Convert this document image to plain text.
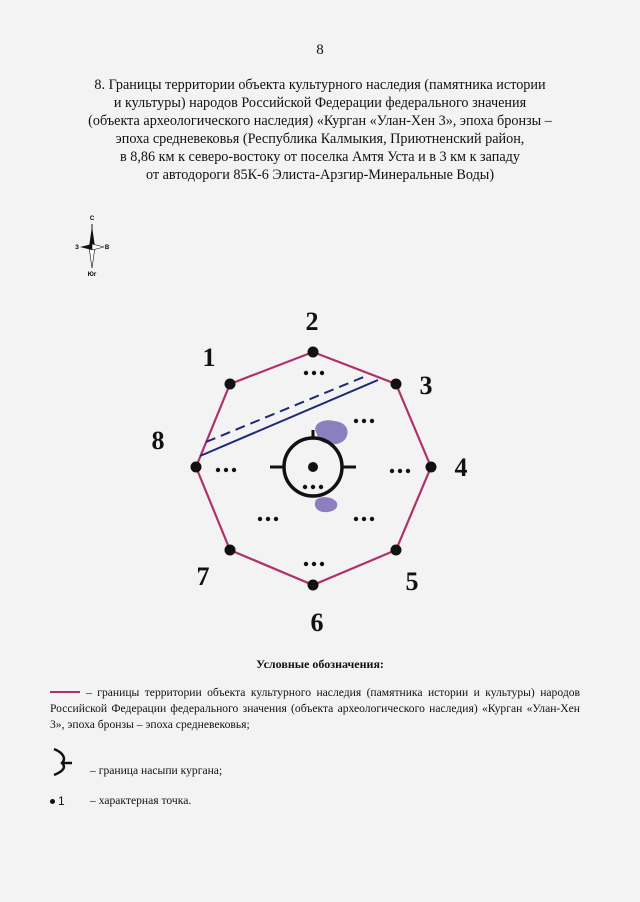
8
8. Границы территории объекта культурного наследия (памятника истории
и культуры) народов Российской Федерации федерального значения
(объекта археологического наследия) «Курган «Улан-Хен 3», эпоха бронзы –
эпоха средневековья (Республика Калмыкия, Приютненский район,
в 8,86 км к северо-востоку от поселка Амтя Уста и в 3 км к западу
от автодороги 85К-6 Элиста-Арзгир-Минеральные Воды)
С
З	В
Юг
1
2
3
4
5
6
7
8
Условные обозначения:
– границы территории объекта культурного наследия (памятника истории и культуры) народов Российской Федерации федерального значения (объекта археологического наследия) «Курган «Улан-Хен 3», эпоха бронзы – эпоха средневековья;
– граница насыпи кургана;
1 – характерная точка.
